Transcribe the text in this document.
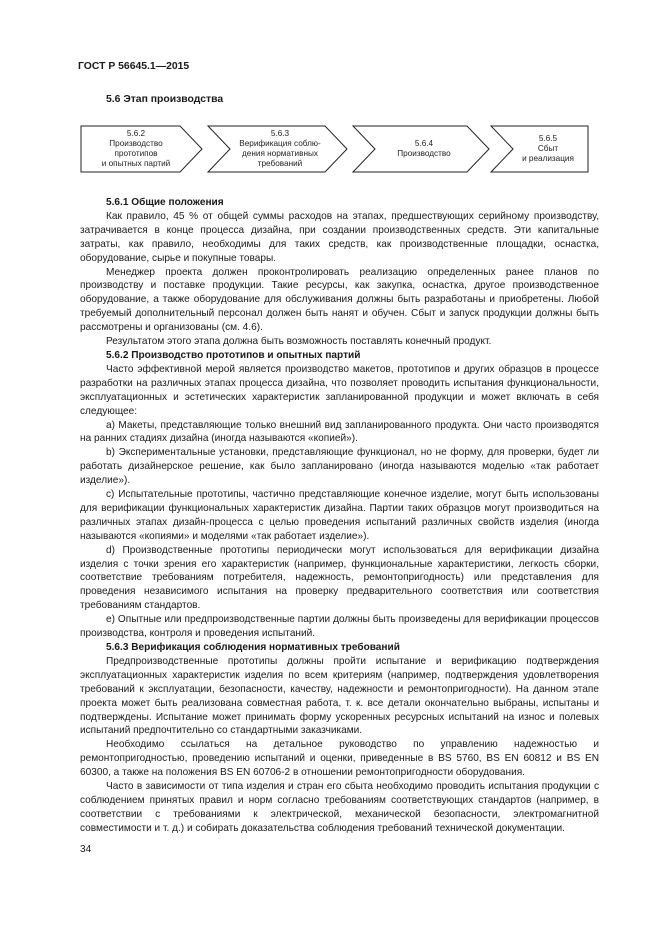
ГОСТ Р 56645.1—2015
5.6 Этап производства
5.6.2
Производство
прототипов
и опытных партий
5.6.3
Верификация соблю-
дения нормативных
требований
5.6.4
Производство
5.6.5
Сбыт
и реализация
5.6.1 Общие положения

Как правило, 45 % от общей суммы расходов на этапах, предшествующих серийному производству, затрачивается в конце процесса дизайна, при создании производственных средств. Эти капитальные затраты, как правило, необходимы для таких средств, как производственные площадки, оснастка, оборудование, сырье и покупные товары.

Менеджер проекта должен проконтролировать реализацию определенных ранее планов по производству и поставке продукции. Такие ресурсы, как закупка, оснастка, другое производственное оборудование, а также оборудование для обслуживания должны быть разработаны и приобретены. Любой требуемый дополнительный персонал должен быть нанят и обучен. Сбыт и запуск продукции должны быть рассмотрены и организованы (см. 4.6).

Результатом этого этапа должна быть возможность поставлять конечный продукт.

5.6.2 Производство прототипов и опытных партий

Часто эффективной мерой является производство макетов, прототипов и других образцов в процессе разработки на различных этапах процесса дизайна, что позволяет проводить испытания функциональности, эксплуатационных и эстетических характеристик запланированной продукции и может включать в себя следующее:

а) Макеты, представляющие только внешний вид запланированного продукта. Они часто производятся на ранних стадиях дизайна (иногда называются «копией»).

b) Экспериментальные установки, представляющие функционал, но не форму, для проверки, будет ли работать дизайнерское решение, как было запланировано (иногда называются моделью «так работает изделие»).

c) Испытательные прототипы, частично представляющие конечное изделие, могут быть использованы для верификации функциональных характеристик дизайна. Партии таких образцов могут производиться на различных этапах дизайн-процесса с целью проведения испытаний различных свойств изделия (иногда называются «копиями» и моделями «так работает изделие»).

d) Производственные прототипы периодически могут использоваться для верификации дизайна изделия с точки зрения его характеристик (например, функциональные характеристики, легкость сборки, соответствие требованиям потребителя, надежность, ремонтопригодность) или представления для проведения независимого испытания на проверку предварительного соответствия или соответствия требованиям стандартов.

e) Опытные или предпроизводственные партии должны быть произведены для верификации процессов производства, контроля и проведения испытаний.

5.6.3 Верификация соблюдения нормативных требований

Предпроизводственные прототипы должны пройти испытание и верификацию подтверждения эксплуатационных характеристик изделия по всем критериям (например, подтверждения удовлетворения требований к эксплуатации, безопасности, качеству, надежности и ремонтопригодности). На данном этапе проекта может быть реализована совместная работа, т. к. все детали окончательно выбраны, испытаны и подтверждены. Испытание может принимать форму ускоренных ресурсных испытаний на износ и полевых испытаний предпочтительно со стандартными заказчиками.

Необходимо ссылаться на детальное руководство по управлению надежностью и ремонтопригодностью, проведению испытаний и оценки, приведенные в BS 5760, BS EN 60812 и BS EN 60300, а также на положения BS EN 60706-2 в отношении ремонтопригодности оборудования.

Часто в зависимости от типа изделия и стран его сбыта необходимо проводить испытания продукции с соблюдением принятых правил и норм согласно требованиям соответствующих стандартов (например, в соответствии с требованиями к электрической, механической безопасности, электромагнитной совместимости и т. д.) и собирать доказательства соблюдения требований технической документации.

34
